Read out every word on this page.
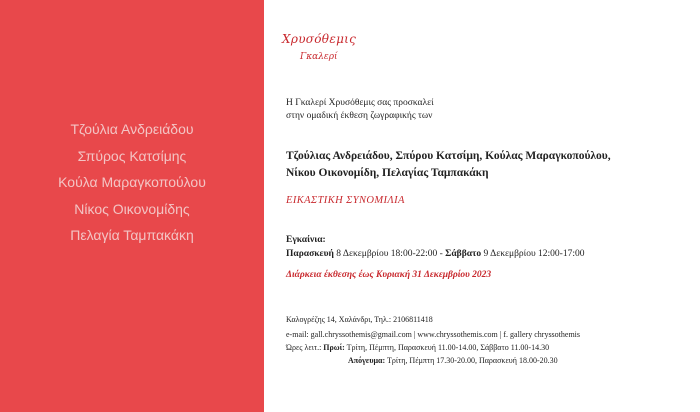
Τζούλια Ανδρειάδου
Σπύρος Κατσίμης
Κούλα Μαραγκοπούλου
Νίκος Οικονομίδης
Πελαγία Ταμπακάκη
Χρυσόθεμις
Γκαλερί
Η Γκαλερί Χρυσόθεμις σας προσκαλεί
στην ομαδική έκθεση ζωγραφικής των
Τζούλιας Ανδρειάδου, Σπύρου Κατσίμη, Κούλας Μαραγκοπούλου,
Νίκου Οικονομίδη, Πελαγίας Ταμπακάκη
ΕΙΚΑΣΤΙΚΗ ΣΥΝΟΜΙΛΙΑ
Εγκαίνια:
Παρασκευή 8 Δεκεμβρίου 18:00-22:00 - Σάββατο 9 Δεκεμβρίου 12:00-17:00
Διάρκεια έκθεσης έως Κυριακή 31 Δεκεμβρίου 2023
Καλογρέζης 14, Χαλάνδρι, Τηλ.: 2106811418
e-mail: gall.chryssothemis@gmail.com | www.chryssothemis.com | f. gallery chryssothemis
Ώρες λειτ.: Πρωί: Τρίτη, Πέμπτη, Παρασκευή 11.00-14.00, Σάββατο 11.00-14.30
Απόγευμα: Τρίτη, Πέμπτη 17.30-20.00, Παρασκευή 18.00-20.30
